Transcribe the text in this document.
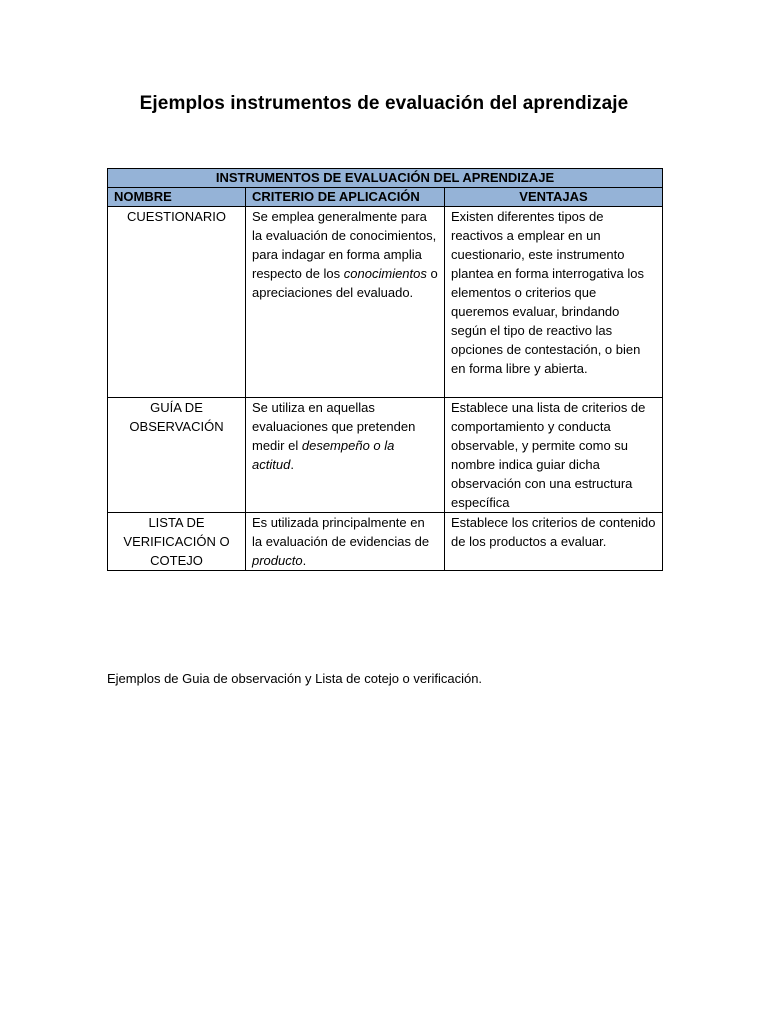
Ejemplos instrumentos de evaluación del aprendizaje
INSTRUMENTOS DE EVALUACIÓN DEL APRENDIZAJE		
NOMBRE	CRITERIO DE APLICACIÓN	VENTAJAS
CUESTIONARIO	Se emplea generalmente para la evaluación de conocimientos, para indagar en forma amplia respecto de los conocimientos o apreciaciones del evaluado.	Existen diferentes tipos de reactivos a emplear en un cuestionario, este instrumento plantea en forma interrogativa los elementos o criterios que queremos evaluar, brindando según el tipo de reactivo las opciones de contestación, o bien en forma libre y abierta.
GUÍA DE OBSERVACIÓN	Se utiliza en aquellas evaluaciones que pretenden medir el desempeño o la actitud.	Establece una lista de criterios de comportamiento y conducta observable, y permite como su nombre indica guiar dicha observación con una estructura específica
LISTA DE VERIFICACIÓN O COTEJO	Es utilizada principalmente en la evaluación de evidencias de producto.	Establece los criterios de contenido de los productos a evaluar.
Ejemplos de Guia de observación y Lista de cotejo o verificación.
